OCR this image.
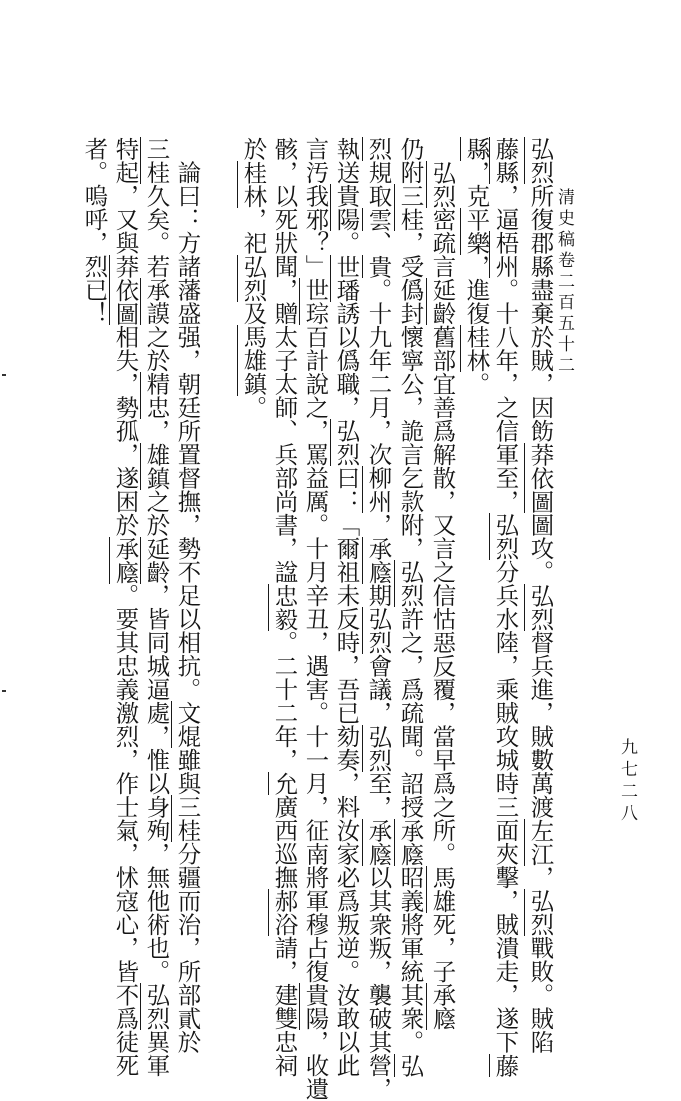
清史稿卷二百五十二
九七二八
弘烈所復郡縣盡棄於賊，因飭莽依圖圖攻。弘烈督兵進，賊數萬渡左江，弘烈戰敗。賊陷
藤縣，逼梧州。十八年，之信軍至，弘烈分兵水陸，乘賊攻城時三面夾擊，賊潰走，遂下藤
縣，克平樂，進復桂林。
　弘烈密疏言延齡舊部宜善爲解散，又言之信怙惡反覆，當早爲之所。馬雄死，子承廕
仍附三桂，受僞封懷寧公，詭言乞款附，弘烈許之，爲疏聞。詔授承廕昭義將軍統其衆。弘
烈規取雲、貴。十九年二月，次柳州，承廕期弘烈會議，弘烈至，承廕以其衆叛，襲破其營，
執送貴陽。世璠誘以僞職，弘烈曰：「爾祖未反時，吾已劾奏，料汝家必爲叛逆。汝敢以此
言汚我邪？」世琮百計說之，罵益厲。十月辛丑，遇害。十一月，征南將軍穆占復貴陽，收遺
骸，以死狀聞，贈太子太師、兵部尚書，諡忠毅。二十二年，允廣西巡撫郝浴請，建雙忠祠
於桂林，祀弘烈及馬雄鎮。
　論曰：方諸藩盛强，朝廷所置督撫，勢不足以相抗。文焜雖與三桂分疆而治，所部貳於
三桂久矣。若承謨之於精忠，雄鎮之於延齡，皆同城逼處，惟以身殉，無他術也。弘烈異軍
特起，又與莽依圖相失，勢孤，遂困於承廕。要其忠義激烈，作士氣，怵寇心，皆不爲徒死
者。嗚呼，烈已！
